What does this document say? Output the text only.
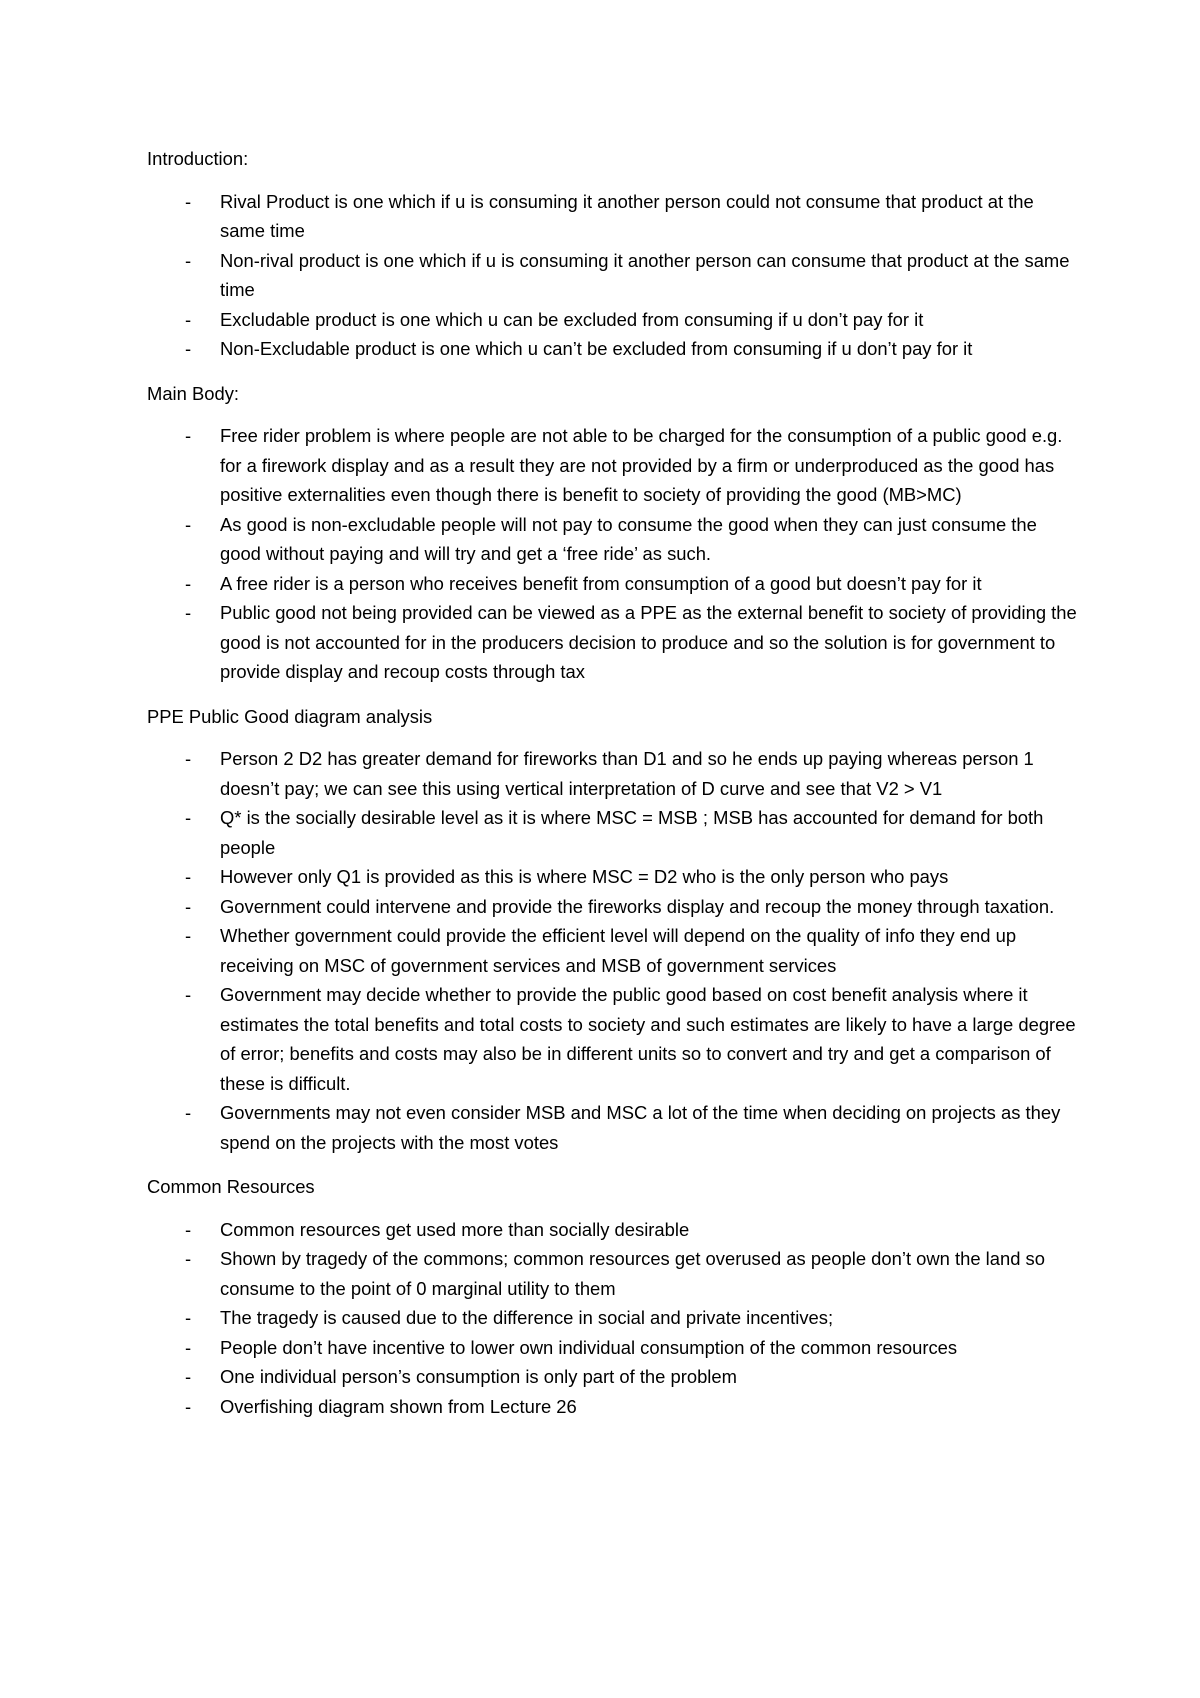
Introduction:

- Rival Product is one which if u is consuming it another person could not consume that product at the same time
- Non-rival product is one which if u is consuming it another person can consume that product at the same time
- Excludable product is one which u can be excluded from consuming if u don’t pay for it
- Non-Excludable product is one which u can’t be excluded from consuming if u don’t pay for it

Main Body:

- Free rider problem is where people are not able to be charged for the consumption of a public good e.g. for a firework display and as a result they are not provided by a firm or underproduced as the good has positive externalities even though there is benefit to society of providing the good (MB>MC)
- As good is non-excludable people will not pay to consume the good when they can just consume the good without paying and will try and get a ‘free ride’ as such.
- A free rider is a person who receives benefit from consumption of a good but doesn’t pay for it
- Public good not being provided can be viewed as a PPE as the external benefit to society of providing the good is not accounted for in the producers decision to produce and so the solution is for government to provide display and recoup costs through tax

PPE Public Good diagram analysis

- Person 2 D2 has greater demand for fireworks than D1 and so he ends up paying whereas person 1 doesn’t pay; we can see this using vertical interpretation of D curve and see that V2 > V1
- Q* is the socially desirable level as it is where MSC = MSB ; MSB has accounted for demand for both people
- However only Q1 is provided as this is where MSC = D2 who is the only person who pays
- Government could intervene and provide the fireworks display and recoup the money through taxation.
- Whether government could provide the efficient level will depend on the quality of info they end up receiving on MSC of government services and MSB of government services
- Government may decide whether to provide the public good based on cost benefit analysis where it estimates the total benefits and total costs to society and such estimates are likely to have a large degree of error; benefits and costs may also be in different units so to convert and try and get a comparison of these is difficult.
- Governments may not even consider MSB and MSC a lot of the time when deciding on projects as they spend on the projects with the most votes

Common Resources

- Common resources get used more than socially desirable
- Shown by tragedy of the commons; common resources get overused as people don’t own the land so consume to the point of 0 marginal utility to them
- The tragedy is caused due to the difference in social and private incentives;
- People don’t have incentive to lower own individual consumption of the common resources
- One individual person’s consumption is only part of the problem
- Overfishing diagram shown from Lecture 26
